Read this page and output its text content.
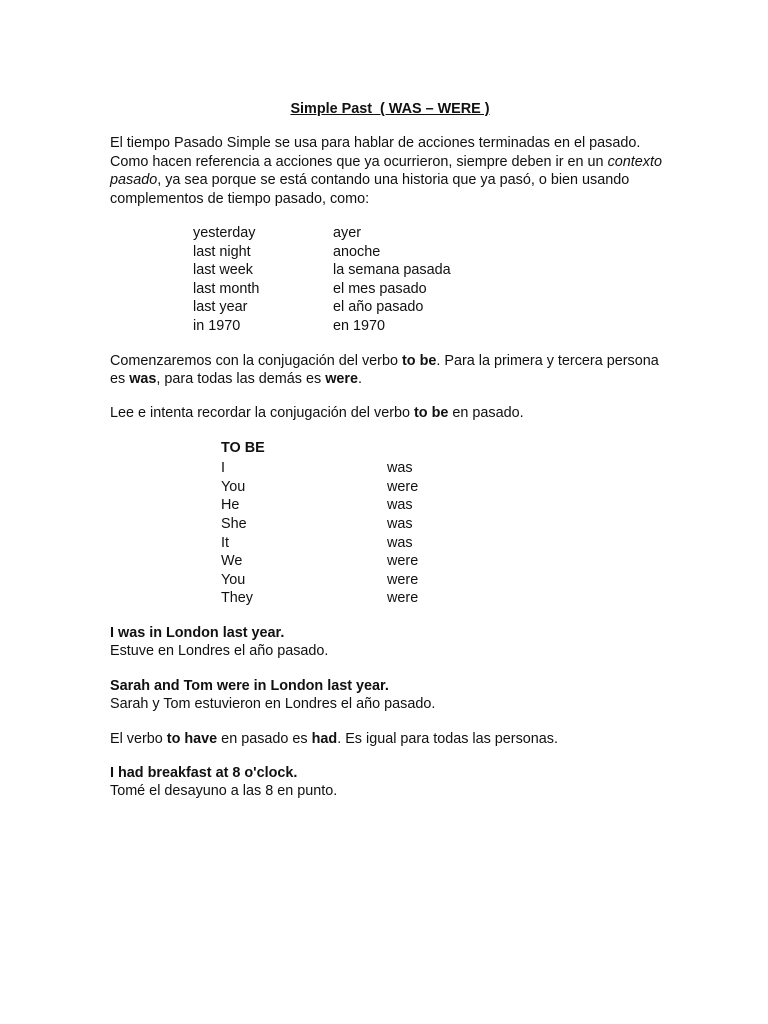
Simple Past  ( WAS – WERE )

El tiempo Pasado Simple se usa para hablar de acciones terminadas en el pasado. Como hacen referencia a acciones que ya ocurrieron, siempre deben ir en un contexto pasado, ya sea porque se está contando una historia que ya pasó, o bien usando complementos de tiempo pasado, como:

yesterday	ayer
last night	anoche
last week	la semana pasada
last month	el mes pasado
last year	el año pasado
in 1970	en 1970

Comenzaremos con la conjugación del verbo to be. Para la primera y tercera persona es was, para todas las demás es were.

Lee e intenta recordar la conjugación del verbo to be en pasado.

TO BE
I	was
You	were
He	was
She	was
It	was
We	were
You	were
They	were
I was in London last year.
Estuve en Londres el año pasado.
Sarah and Tom were in London last year.
Sarah y Tom estuvieron en Londres el año pasado.

El verbo to have en pasado es had. Es igual para todas las personas.

I had breakfast at 8 o'clock.
Tomé el desayuno a las 8 en punto.
